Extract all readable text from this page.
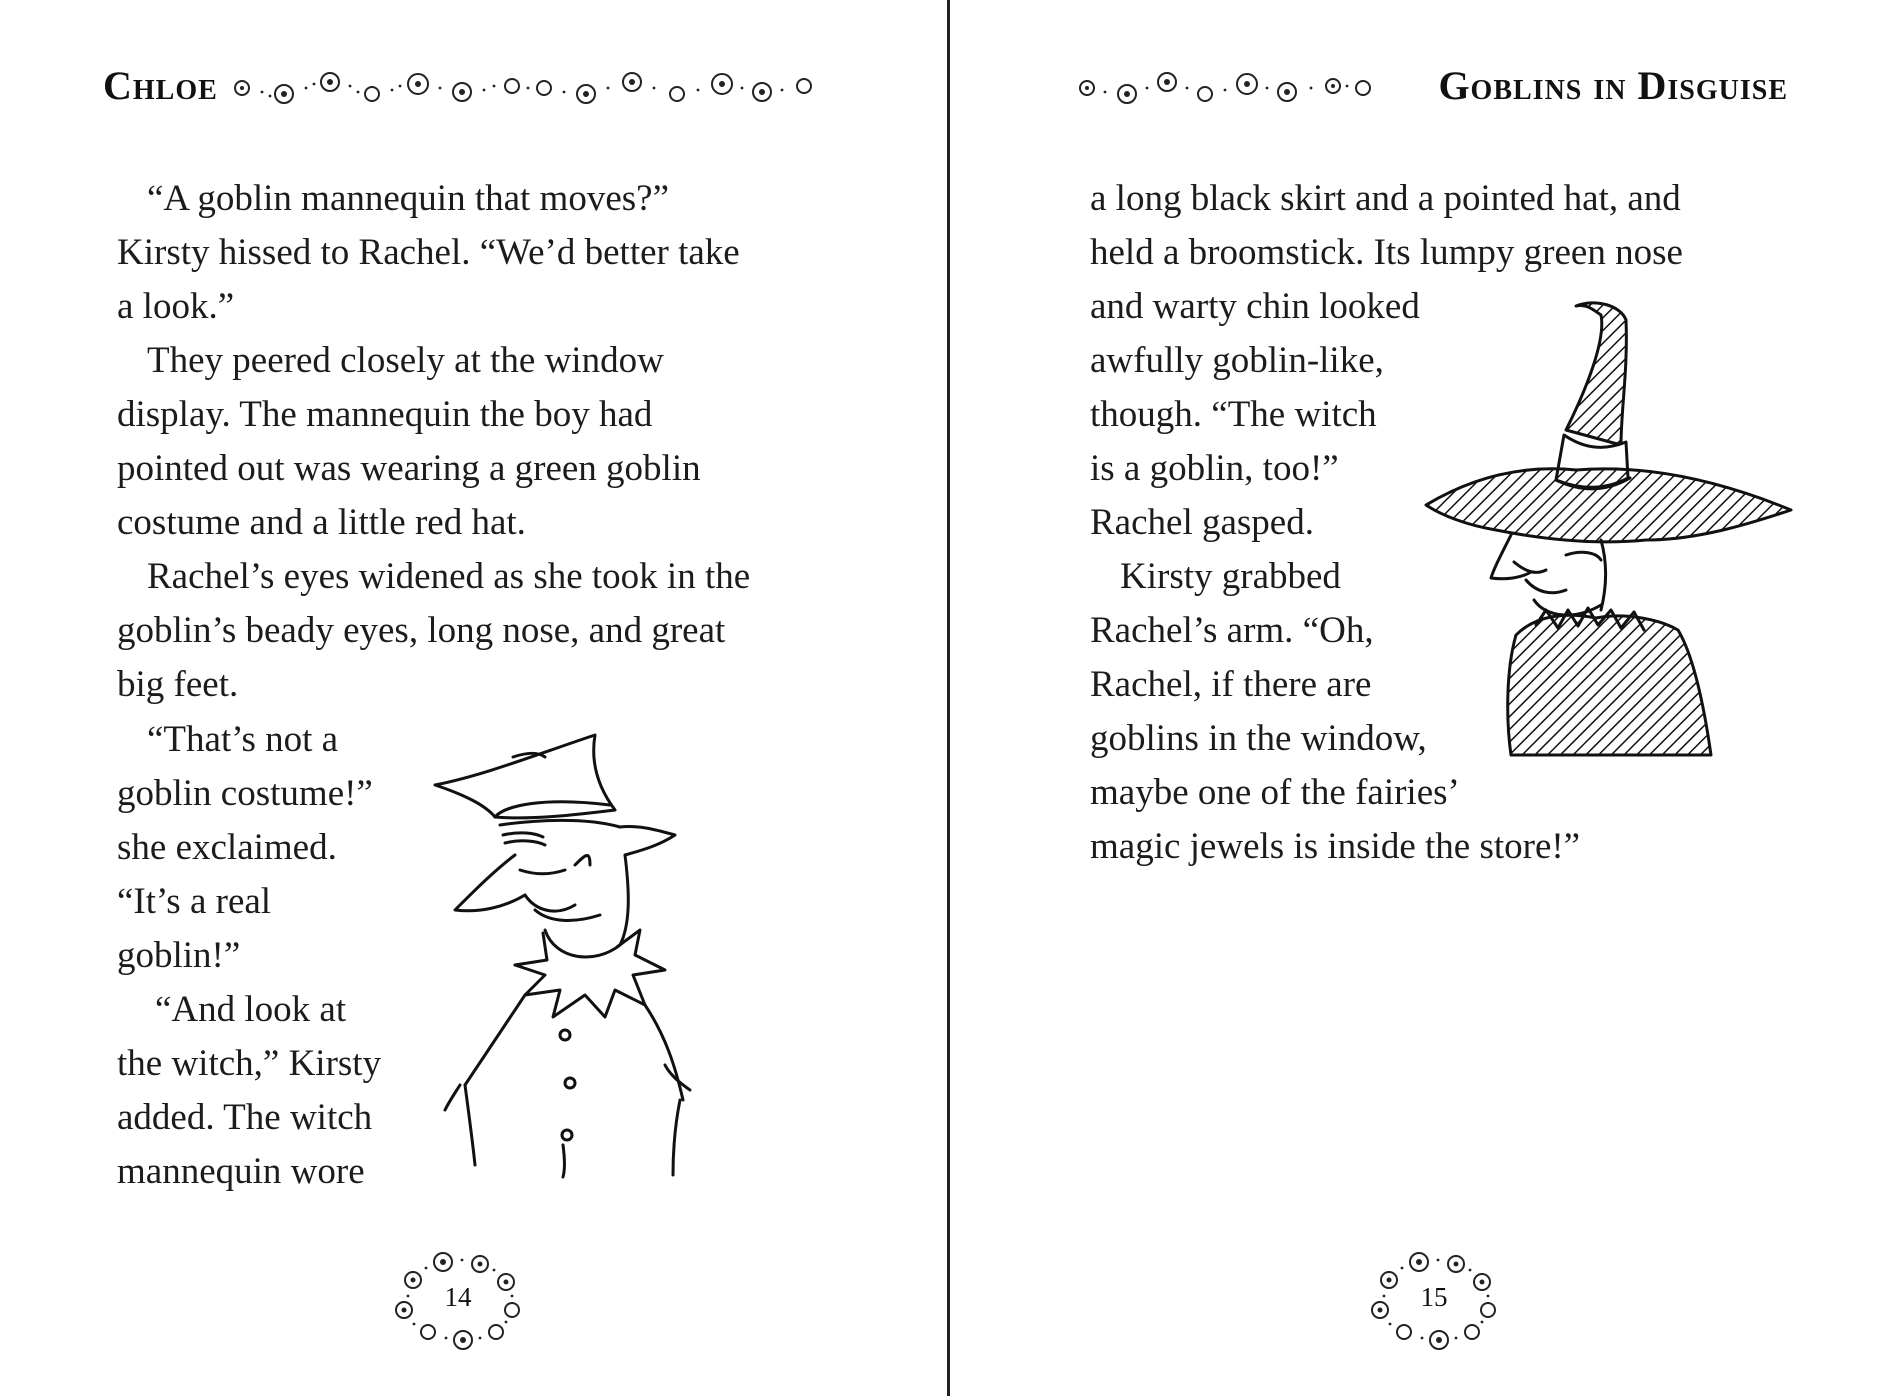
Chloe

“A goblin mannequin that moves?” Kirsty hissed to Rachel. “We’d better take a look.”

They peered closely at the window display. The mannequin the boy had pointed out was wearing a green goblin costume and a little red hat.

Rachel’s eyes widened as she took in the goblin’s beady eyes, long nose, and great big feet.

“That’s not a

goblin costume!”

she exclaimed.

“It’s a real

goblin!”

“And look at

the witch,” Kirsty

added. The witch

mannequin wore

14
Goblins in Disguise

a long black skirt and a pointed hat, and

held a broomstick. Its lumpy green nose

and warty chin looked

awfully goblin-like,

though. “The witch

is a goblin, too!”

Rachel gasped.

Kirsty grabbed

Rachel’s arm. “Oh,

Rachel, if there are

goblins in the window,

maybe one of the fairies’

magic jewels is inside the store!”

15
